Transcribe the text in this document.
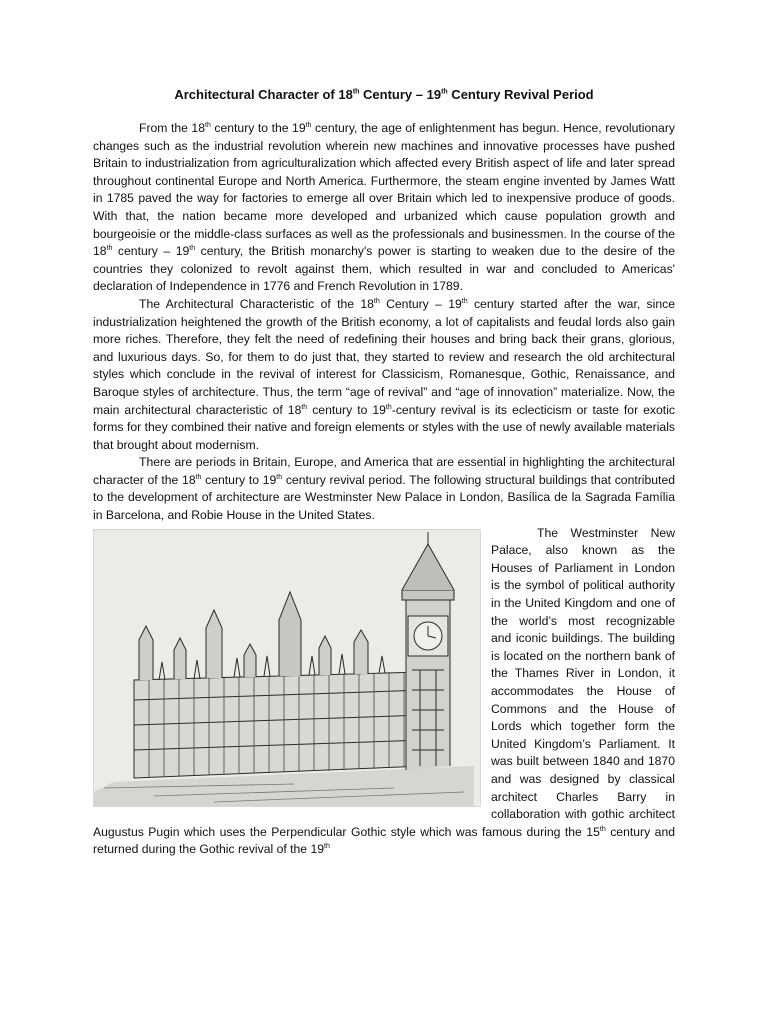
Architectural Character of 18th Century – 19th Century Revival Period

From the 18th century to the 19th century, the age of enlightenment has begun. Hence, revolutionary changes such as the industrial revolution wherein new machines and innovative processes have pushed Britain to industrialization from agriculturalization which affected every British aspect of life and later spread throughout continental Europe and North America. Furthermore, the steam engine invented by James Watt in 1785 paved the way for factories to emerge all over Britain which led to inexpensive produce of goods. With that, the nation became more developed and urbanized which cause population growth and bourgeoisie or the middle-class surfaces as well as the professionals and businessmen. In the course of the 18th century – 19th century, the British monarchy's power is starting to weaken due to the desire of the countries they colonized to revolt against them, which resulted in war and concluded to Americas' declaration of Independence in 1776 and French Revolution in 1789.

The Architectural Characteristic of the 18th Century – 19th century started after the war, since industrialization heightened the growth of the British economy, a lot of capitalists and feudal lords also gain more riches. Therefore, they felt the need of redefining their houses and bring back their grans, glorious, and luxurious days. So, for them to do just that, they started to review and research the old architectural styles which conclude in the revival of interest for Classicism, Romanesque, Gothic, Renaissance, and Baroque styles of architecture. Thus, the term “age of revival” and “age of innovation” materialize. Now, the main architectural characteristic of 18th century to 19th-century revival is its eclecticism or taste for exotic forms for they combined their native and foreign elements or styles with the use of newly available materials that brought about modernism.

There are periods in Britain, Europe, and America that are essential in highlighting the architectural character of the 18th century to 19th century revival period. The following structural buildings that contributed to the development of architecture are Westminster New Palace in London, Basílica de la Sagrada Família in Barcelona, and Robie House in the United States.

The Westminster New Palace, also known as the Houses of Parliament in London is the symbol of political authority in the United Kingdom and one of the world’s most recognizable and iconic buildings. The building is located on the northern bank of the Thames River in London, it accommodates the House of Commons and the House of Lords which together form the United Kingdom’s Parliament. It was built between 1840 and 1870 and was designed by classical architect Charles Barry in collaboration with gothic architect Augustus Pugin which uses the Perpendicular Gothic style which was famous during the 15th century and returned during the Gothic revival of the 19th
